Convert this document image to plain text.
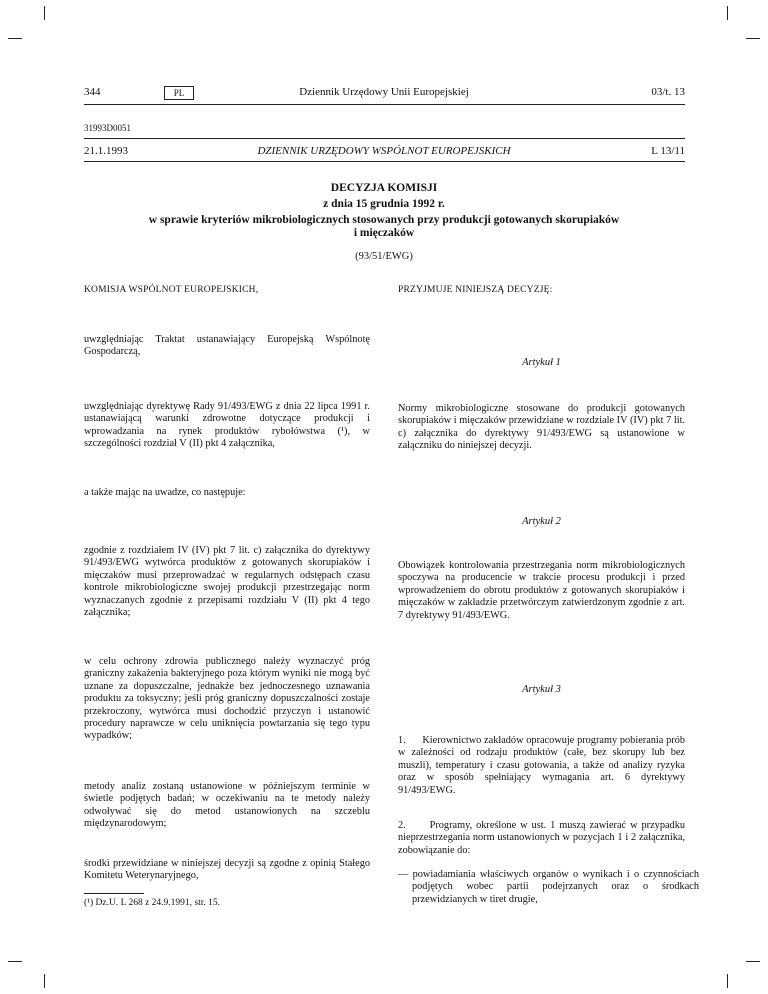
344	PL	Dziennik Urzędowy Unii Europejskiej	03/t. 13
31993D0051
21.1.1993	DZIENNIK URZĘDOWY WSPÓLNOT EUROPEJSKICH	L 13/11
DECYZJA KOMISJI
z dnia 15 grudnia 1992 r.
w sprawie kryteriów mikrobiologicznych stosowanych przy produkcji gotowanych skorupiaków
i mięczaków
(93/51/EWG)
KOMISJA WSPÓLNOT EUROPEJSKICH,
uwzględniając Traktat ustanawiający Europejską Wspólnotę Gospodarczą,
uwzględniając dyrektywę Rady 91/493/EWG z dnia 22 lipca 1991 r. ustanawiającą warunki zdrowotne dotyczące produkcji i wprowadzania na rynek produktów rybołówstwa (¹), w szczególności rozdział V (II) pkt 4 załącznika,
a także mając na uwadze, co następuje:
zgodnie z rozdziałem IV (IV) pkt 7 lit. c) załącznika do dyrektywy 91/493/EWG wytwórca produktów z gotowanych skorupiaków i mięczaków musi przeprowadzać w regularnych odstępach czasu kontrole mikrobiologiczne swojej produkcji przestrzegając norm wyznaczanych zgodnie z przepisami rozdziału V (II) pkt 4 tego załącznika;
w celu ochrony zdrowia publicznego należy wyznaczyć próg graniczny zakażenia bakteryjnego poza którym wyniki nie mogą być uznane za dopuszczalne, jednakże bez jednoczesnego uznawania produktu za toksyczny; jeśli próg graniczny dopuszczalności zostaje przekroczony, wytwórca musi dochodzić przyczyn i ustanowić procedury naprawcze w celu uniknięcia powtarzania się tego typu wypadków;
metody analiz zostaną ustanowione w późniejszym terminie w świetle podjętych badań; w oczekiwaniu na te metody należy odwoływać się do metod ustanowionych na szczeblu międzynarodowym;
środki przewidziane w niniejszej decyzji są zgodne z opinią Stałego Komitetu Weterynaryjnego,
(¹) Dz.U. L 268 z 24.9.1991, str. 15.
PRZYJMUJE NINIEJSZĄ DECYZJĘ:
Artykuł 1
Normy mikrobiologiczne stosowane do produkcji gotowanych skorupiaków i mięczaków przewidziane w rozdziale IV (IV) pkt 7 lit. c) załącznika do dyrektywy 91/493/EWG są ustanowione w załączniku do niniejszej decyzji.
Artykuł 2
Obowiązek kontrolowania przestrzegania norm mikrobiologicznych spoczywa na producencie w trakcie procesu produkcji i przed wprowadzeniem do obrotu produktów z gotowanych skorupiaków i mięczaków w zakładzie przetwórczym zatwierdzonym zgodnie z art. 7 dyrektywy 91/493/EWG.
Artykuł 3
1.      Kierownictwo zakładów opracowuje programy pobierania prób w zależności od rodzaju produktów (całe, bez skorupy lub bez muszli), temperatury i czasu gotowania, a także od analizy ryzyka oraz w sposób spełniający wymagania art. 6 dyrektywy 91/493/EWG.
2.      Programy, określone w ust. 1 muszą zawierać w przypadku nieprzestrzegania norm ustanowionych w pozycjach 1 i 2 załącznika, zobowiązanie do:
— powiadamiania właściwych organów o wynikach i o czynnościach podjętych wobec partii podejrzanych oraz o środkach przewidzianych w tiret drugie,
